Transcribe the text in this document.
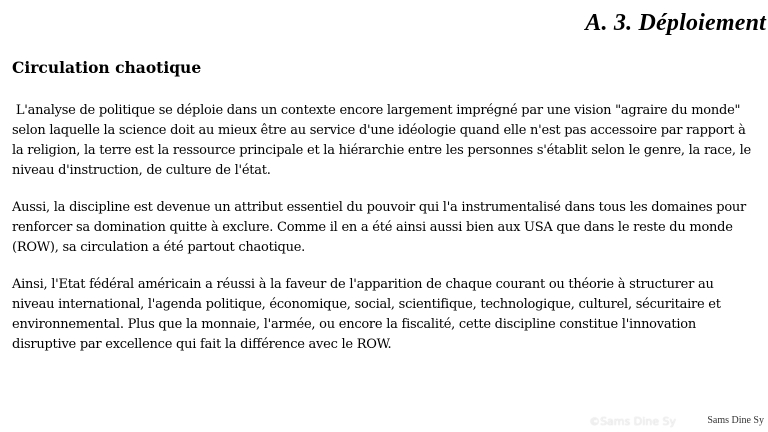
A. 3. Déploiement
Circulation chaotique

L'analyse de politique se déploie dans un contexte encore largement imprégné par une vision "agraire du monde" selon laquelle la science doit au mieux être au service d'une idéologie quand elle n'est pas accessoire par rapport à la religion, la terre est la ressource principale et la hiérarchie entre les personnes s'établit selon le genre, la race, le niveau d'instruction, de culture de l'état.

Aussi, la discipline est devenue un attribut essentiel du pouvoir qui l'a instrumentalisé dans tous les domaines pour renforcer sa domination quitte à exclure. Comme il en a été ainsi aussi bien aux USA que dans le reste du monde (ROW), sa circulation a été partout chaotique.

Ainsi, l'Etat fédéral américain a réussi à la faveur de l'apparition de chaque courant ou théorie à structurer au niveau international, l'agenda politique, économique, social, scientifique, technologique, culturel, sécuritaire et environnemental. Plus que la monnaie, l'armée, ou encore la fiscalité, cette discipline constitue l'innovation disruptive par excellence qui fait la différence avec le ROW.

©Sams Dine Sy	Sams Dine Sy
